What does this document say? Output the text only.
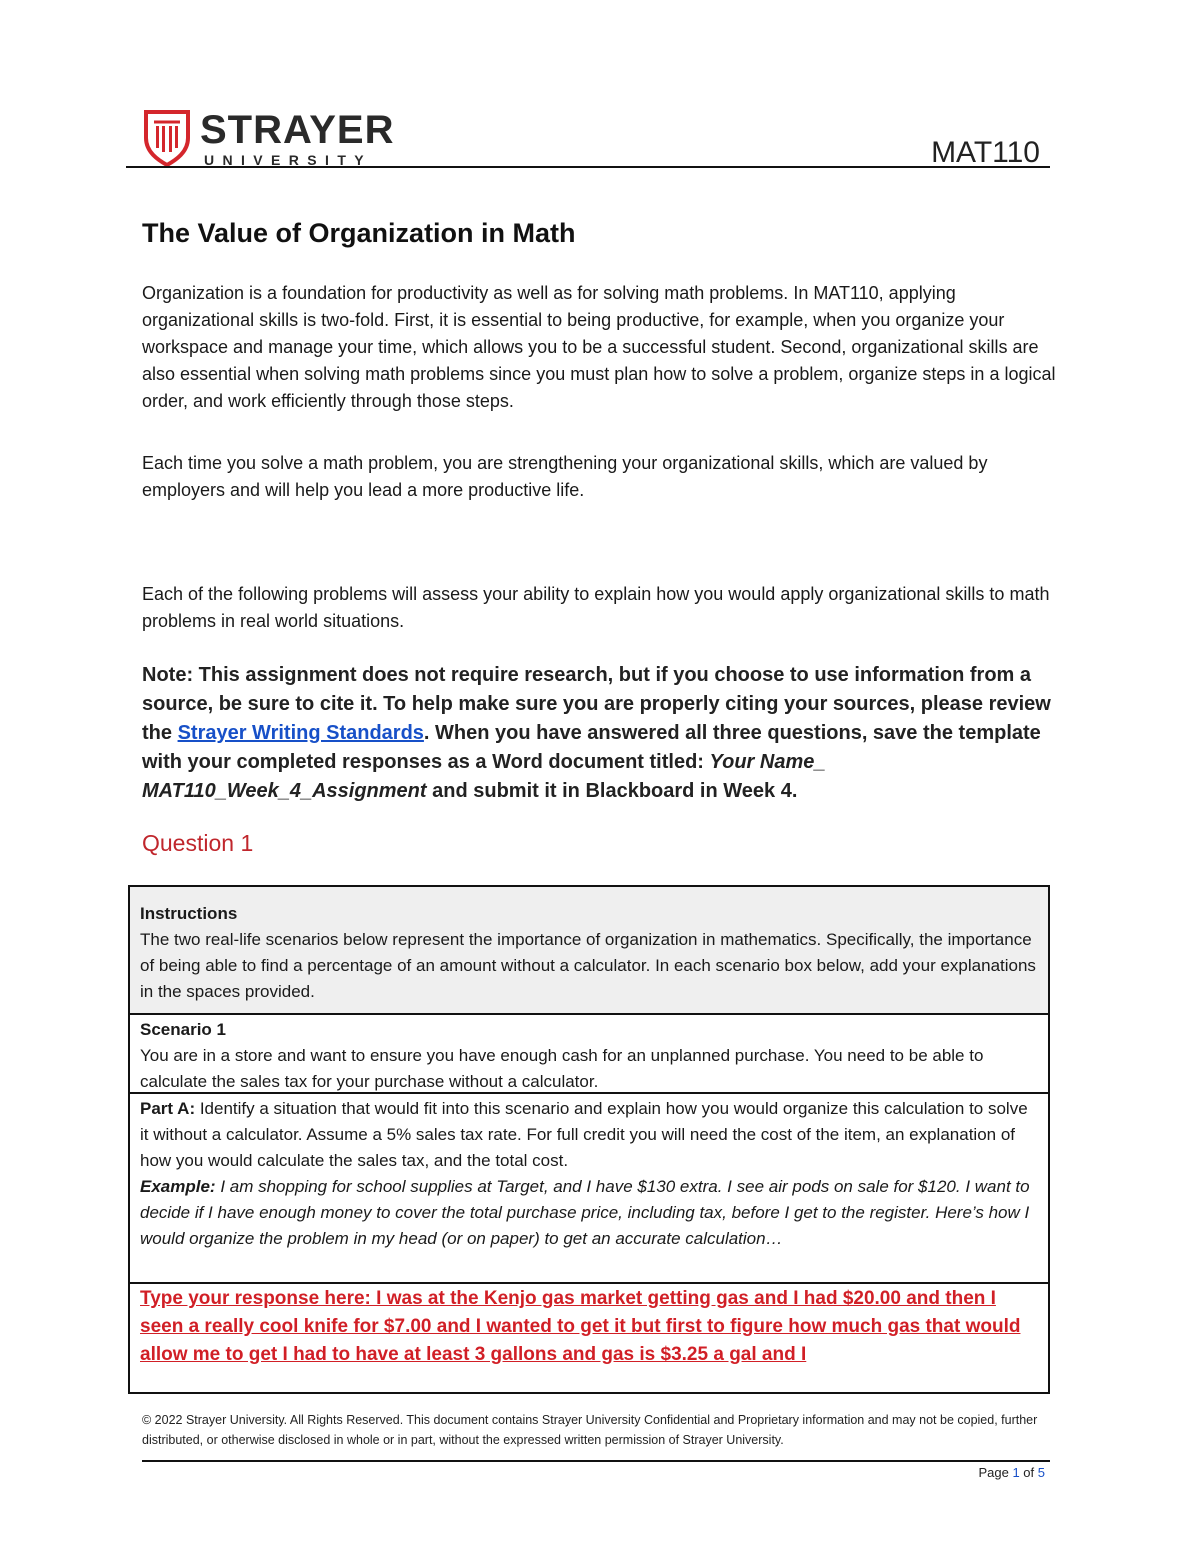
STRAYER
UNIVERSITY	MAT110
The Value of Organization in Math
Organization is a foundation for productivity as well as for solving math problems. In MAT110, applying organizational skills is two-fold. First, it is essential to being productive, for example, when you organize your workspace and manage your time, which allows you to be a successful student. Second, organizational skills are also essential when solving math problems since you must plan how to solve a problem, organize steps in a logical order, and work efficiently through those steps.
Each time you solve a math problem, you are strengthening your organizational skills, which are valued by employers and will help you lead a more productive life.
Each of the following problems will assess your ability to explain how you would apply organizational skills to math problems in real world situations.
Note: This assignment does not require research, but if you choose to use information from a source, be sure to cite it. To help make sure you are properly citing your sources, please review the Strayer Writing Standards. When you have answered all three questions, save the template with your completed responses as a Word document titled: Your Name_ MAT110_Week_4_Assignment and submit it in Blackboard in Week 4.
Question 1
Instructions
The two real-life scenarios below represent the importance of organization in mathematics. Specifically, the importance of being able to find a percentage of an amount without a calculator. In each scenario box below, add your explanations in the spaces provided.
Scenario 1
You are in a store and want to ensure you have enough cash for an unplanned purchase. You need to be able to calculate the sales tax for your purchase without a calculator.
Part A: Identify a situation that would fit into this scenario and explain how you would organize this calculation to solve it without a calculator. Assume a 5% sales tax rate. For full credit you will need the cost of the item, an explanation of how you would calculate the sales tax, and the total cost.
Example: I am shopping for school supplies at Target, and I have $130 extra. I see air pods on sale for $120. I want to decide if I have enough money to cover the total purchase price, including tax, before I get to the register. Here’s how I would organize the problem in my head (or on paper) to get an accurate calculation…
Type your response here: I was at the Kenjo gas market getting gas and I had $20.00 and then I seen a really cool knife for $7.00 and I wanted to get it but first to figure how much gas that would allow me to get I had to have at least 3 gallons and gas is $3.25 a gal and I
© 2022 Strayer University. All Rights Reserved. This document contains Strayer University Confidential and Proprietary information and may not be copied, further distributed, or otherwise disclosed in whole or in part, without the expressed written permission of Strayer University.
Page 1 of 5
